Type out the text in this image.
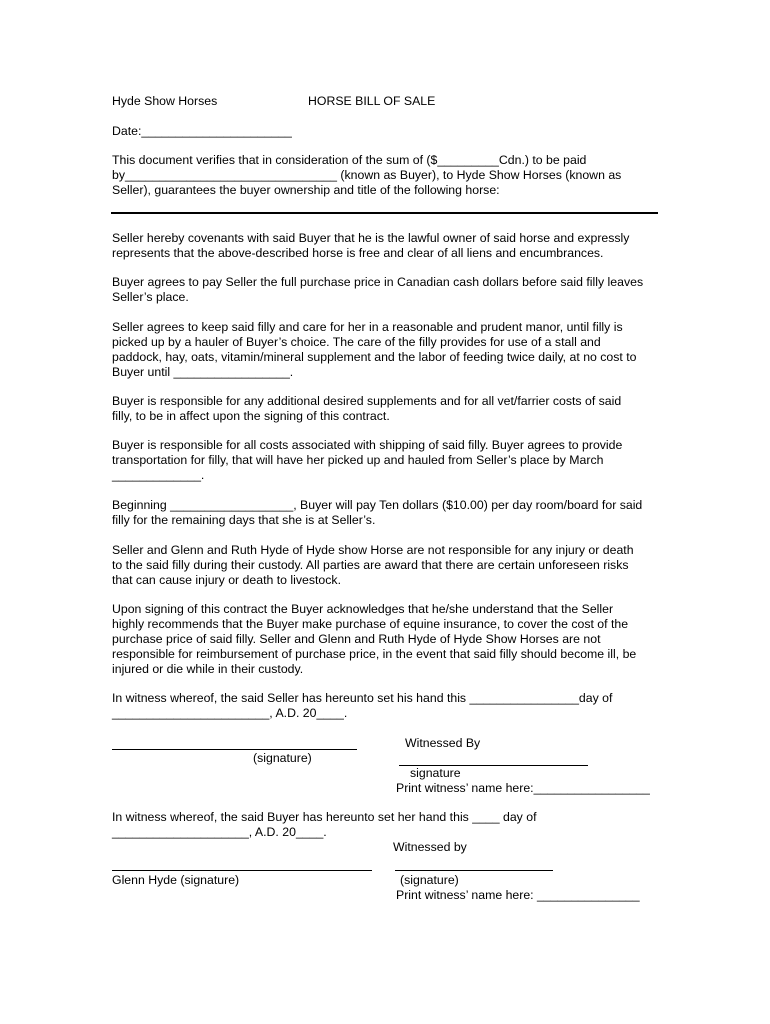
Hyde Show Horses	HORSE BILL OF SALE
Date:______________________
This document verifies that in consideration of the sum of ($_________Cdn.) to be paid
by_______________________________ (known as Buyer), to Hyde Show Horses (known as
Seller), guarantees the buyer ownership and title of the following horse:
Seller hereby covenants with said Buyer that he is the lawful owner of said horse and expressly
represents that the above-described horse is free and clear of all liens and encumbrances.
Buyer agrees to pay Seller the full purchase price in Canadian cash dollars before said filly leaves
Seller’s place.
Seller agrees to keep said filly and care for her in a reasonable and prudent manor, until filly is
picked up by a hauler of Buyer’s choice. The care of the filly provides for use of a stall and
paddock, hay, oats, vitamin/mineral supplement and the labor of feeding twice daily, at no cost to
Buyer until _________________.
Buyer is responsible for any additional desired supplements and for all vet/farrier costs of said
filly, to be in affect upon the signing of this contract.
Buyer is responsible for all costs associated with shipping of said filly. Buyer agrees to provide
transportation for filly, that will have her picked up and hauled from Seller’s place by March
_____________.
Beginning __________________, Buyer will pay Ten dollars ($10.00) per day room/board for said
filly for the remaining days that she is at Seller’s.
Seller and Glenn and Ruth Hyde of Hyde show Horse are not responsible for any injury or death
to the said filly during their custody. All parties are award that there are certain unforeseen risks
that can cause injury or death to livestock.
Upon signing of this contract the Buyer acknowledges that he/she understand that the Seller
highly recommends that the Buyer make purchase of equine insurance, to cover the cost of the
purchase price of said filly. Seller and Glenn and Ruth Hyde of Hyde Show Horses are not
responsible for reimbursement of purchase price, in the event that said filly should become ill, be
injured or die while in their custody.
In witness whereof, the said Seller has hereunto set his hand this ________________day of
_______________________, A.D. 20____.
(signature)
Witnessed By
signature
Print witness’ name here:_________________
In witness whereof, the said Buyer has hereunto set her hand this ____ day of
____________________, A.D. 20____.
Witnessed by
Glenn Hyde (signature)	(signature)
Print witness’ name here: _______________
